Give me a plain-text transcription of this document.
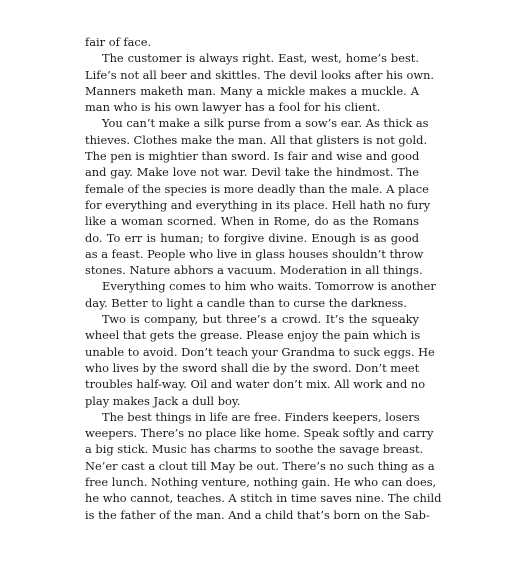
fair of face.
The customer is always right. East, west, home’s best.
Life’s not all beer and skittles. The devil looks after his own.
Manners maketh man. Many a mickle makes a muckle. A
man who is his own lawyer has a fool for his client.
You can’t make a silk purse from a sow’s ear. As thick as
thieves. Clothes make the man. All that glisters is not gold.
The pen is mightier than sword. Is fair and wise and good
and gay. Make love not war. Devil take the hindmost. The
female of the species is more deadly than the male. A place
for everything and everything in its place. Hell hath no fury
like a woman scorned. When in Rome, do as the Romans
do. To err is human; to forgive divine. Enough is as good
as a feast. People who live in glass houses shouldn’t throw
stones. Nature abhors a vacuum. Moderation in all things.
Everything comes to him who waits. Tomorrow is another
day. Better to light a candle than to curse the darkness.
Two is company, but three’s a crowd. It’s the squeaky
wheel that gets the grease. Please enjoy the pain which is
unable to avoid. Don’t teach your Grandma to suck eggs. He
who lives by the sword shall die by the sword. Don’t meet
troubles half-way. Oil and water don’t mix. All work and no
play makes Jack a dull boy.
The best things in life are free. Finders keepers, losers
weepers. There’s no place like home. Speak softly and carry
a big stick. Music has charms to soothe the savage breast.
Ne’er cast a clout till May be out. There’s no such thing as a
free lunch. Nothing venture, nothing gain. He who can does,
he who cannot, teaches. A stitch in time saves nine. The child
is the father of the man. And a child that’s born on the Sab-
